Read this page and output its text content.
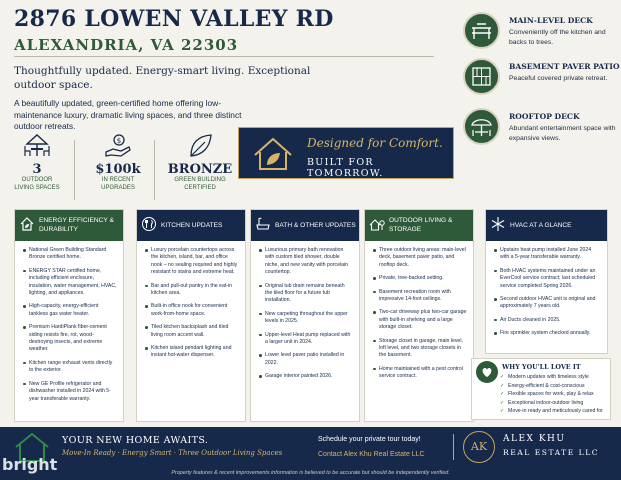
2876 LOWEN VALLEY RD
ALEXANDRIA, VA 22303
Thoughtfully updated. Energy-smart living. Exceptional outdoor space.
A beautifully updated, green-certified home offering low-maintenance luxury, dramatic living spaces, and three distinct outdoor retreats.
3
OUTDOOR LIVING SPACES
$
$100k
IN RECENT UPGRADES
BRONZE
GREEN BUILDING CERTIFIED
Designed for Comfort.
BUILT FOR TOMORROW.
MAIN-LEVEL DECK
Conveniently off the kitchen and backs to trees.
BASEMENT PAVER PATIO
Peaceful covered private retreat.
ROOFTOP DECK
Abundant entertainment space with expansive views.
ENERGY EFFICIENCY & DURABILITY
National Green Building Standard Bronze certified home.
ENERGY STAR certified home, including efficient enclosure, insulation, water management, HVAC, lighting, and appliances.
High-capacity, energy-efficient tankless gas water heater.
Premium HardiPlank fiber-cement siding resists fire, rot, wood-destroying insects, and extreme weather.
Kitchen range exhaust vents directly to the exterior.
New GE Profile refrigerator and dishwasher installed in 2024 with 5-year transferable warranty.
KITCHEN UPDATES
Luxury porcelain countertops across the kitchen, island, bar, and office nook – no sealing required and highly resistant to stains and extreme heat.
Bar and pull-out pantry in the eat-in kitchen area.
Built-in office nook for convenient work-from-home space.
Tiled kitchen backsplash and tiled living room accent wall.
Kitchen island pendant lighting and instant hot-water dispenser.
BATH & OTHER UPDATES
Luxurious primary bath renovation with custom tiled shower, double niche, and new vanity with porcelain countertop.
Original tub drain remains beneath the tiled floor for a future tub installation.
New carpeting throughout the upper levels in 2025.
Upper-level Heat pump replaced with a larger unit in 2024.
Lower level paver patio installed in 2022.
Garage interior painted 2026.
OUTDOOR LIVING & STORAGE
Three outdoor living areas: main-level deck, basement paver patio, and rooftop deck.
Private, tree-backed setting.
Basement recreation room with impressive 14-foot ceilings.
Two-car driveway plus two-car garage with built-in shelving and a large storage closet.
Storage closet in garage, main level, loft level, and two storage closets in the basement.
Home maintained with a pest control service contract.
HVAC AT A GLANCE
Upstairs heat pump installed June 2024 with a 5-year transferable warranty.
Both HVAC systems maintained under an EverCool service contract; last scheduled service completed Spring 2026.
Second outdoor HVAC unit is original and approximately 7 years old.
Air Ducts cleaned in 2025.
Fire sprinkler system checked annually.
WHY YOU'LL LOVE IT
✓ Modern updates with timeless style
✓ Energy-efficient & cost-conscious
✓ Flexible spaces for work, play & relax
✓ Exceptional indoor-outdoor living
✓ Move-in ready and meticulously cared for
YOUR NEW HOME AWAITS.
Move-In Ready · Energy Smart · Three Outdoor Living Spaces
Schedule your private tour today!
Contact Alex Khu Real Estate LLC
AK
ALEX KHU
REAL ESTATE LLC
Property features & recent improvements information is believed to be accurate but should be independently verified.
bright
